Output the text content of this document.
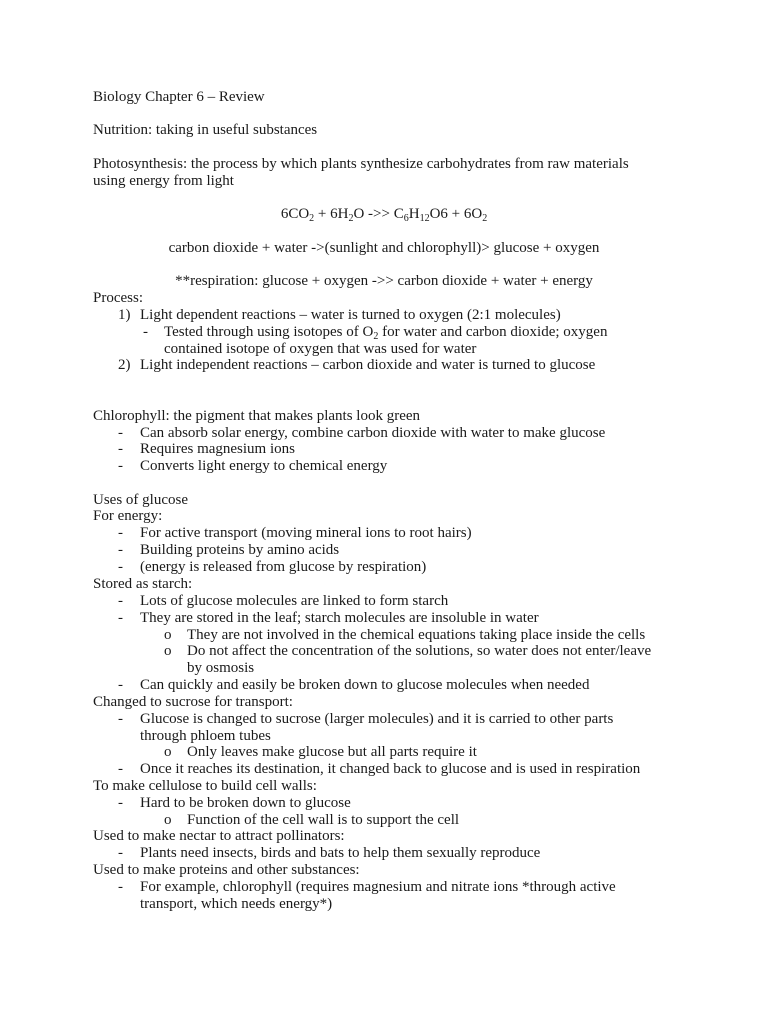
Biology Chapter 6 – Review
Nutrition: taking in useful substances
Photosynthesis: the process by which plants synthesize carbohydrates from raw materials
using energy from light
$6CO_2 + 6H_2O$ ->> $C_6H_{12}O6 + 6O_2$
carbon dioxide + water ->(sunlight and chlorophyll)> glucose + oxygen
**respiration: glucose + oxygen ->> carbon dioxide + water + energy
Process:
1) Light dependent reactions – water is turned to oxygen (2:1 molecules)
- Tested through using isotopes of $O_2$ for water and carbon dioxide; oxygen
contained isotope of oxygen that was used for water
2) Light independent reactions – carbon dioxide and water is turned to glucose
Chlorophyll: the pigment that makes plants look green
- Can absorb solar energy, combine carbon dioxide with water to make glucose
- Requires magnesium ions
- Converts light energy to chemical energy
Uses of glucose
For energy:
- For active transport (moving mineral ions to root hairs)
- Building proteins by amino acids
- (energy is released from glucose by respiration)
Stored as starch:
- Lots of glucose molecules are linked to form starch
- They are stored in the leaf; starch molecules are insoluble in water
o They are not involved in the chemical equations taking place inside the cells
o Do not affect the concentration of the solutions, so water does not enter/leave
by osmosis
- Can quickly and easily be broken down to glucose molecules when needed
Changed to sucrose for transport:
- Glucose is changed to sucrose (larger molecules) and it is carried to other parts
through phloem tubes
o Only leaves make glucose but all parts require it
- Once it reaches its destination, it changed back to glucose and is used in respiration
To make cellulose to build cell walls:
- Hard to be broken down to glucose
o Function of the cell wall is to support the cell
Used to make nectar to attract pollinators:
- Plants need insects, birds and bats to help them sexually reproduce
Used to make proteins and other substances:
- For example, chlorophyll (requires magnesium and nitrate ions *through active
transport, which needs energy*)
